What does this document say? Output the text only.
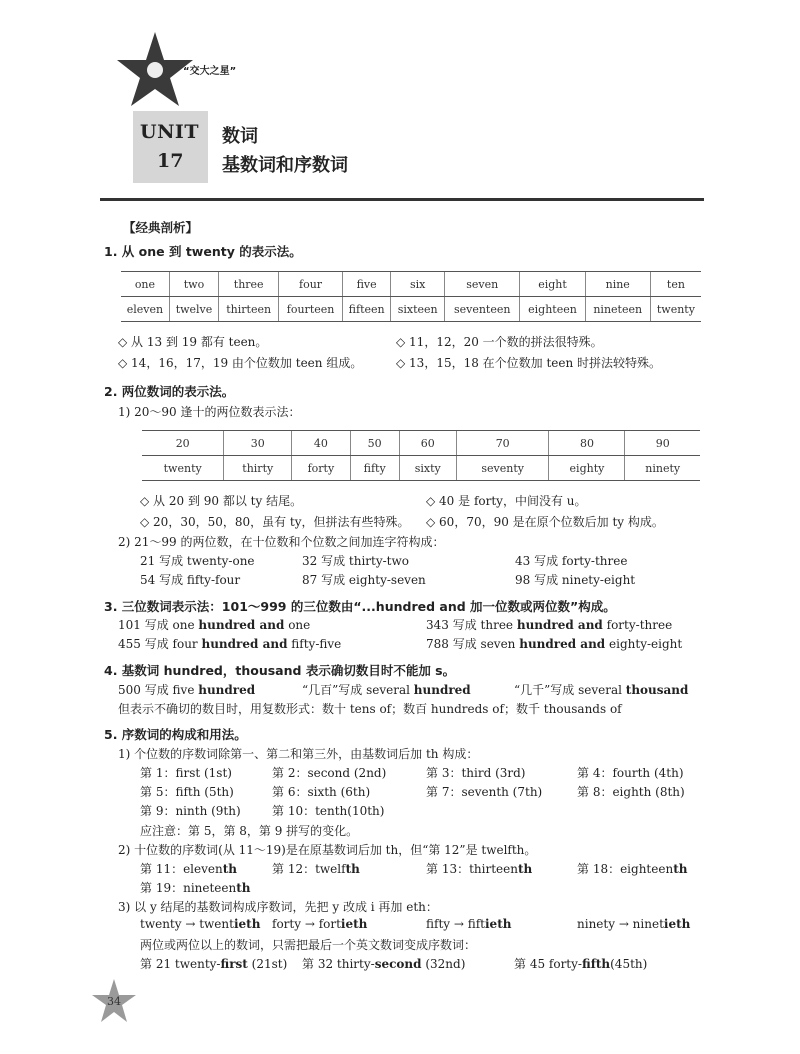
“交大之星”
UNIT
17
数词
基数词和序数词
【经典剖析】
1. 从 one 到 twenty 的表示法。
one	two	three	four	five	six	seven	eight	nine	ten
eleven	twelve	thirteen	fourteen	fifteen	sixteen	seventeen	eighteen	nineteen	twenty
◇ 从 13 到 19 都有 teen。	◇ 11，12，20 一个数的拼法很特殊。
◇ 14，16，17，19 由个位数加 teen 组成。	◇ 13，15，18 在个位数加 teen 时拼法较特殊。
2. 两位数词的表示法。
1) 20～90 逢十的两位数表示法：
20	30	40	50	60	70	80	90
twenty	thirty	forty	fifty	sixty	seventy	eighty	ninety
◇ 从 20 到 90 都以 ty 结尾。	◇ 40 是 forty，中间没有 u。
◇ 20，30，50，80，虽有 ty，但拼法有些特殊。 ◇ 60，70，90 是在原个位数后加 ty 构成。
2) 21～99 的两位数，在十位数和个位数之间加连字符构成：
21 写成 twenty-one	32 写成 thirty-two	43 写成 forty-three
54 写成 fifty-four	87 写成 eighty-seven	98 写成 ninety-eight
3. 三位数词表示法：101～999 的三位数由“...hundred and 加一位数或两位数”构成。
101 写成 one hundred and one	343 写成 three hundred and forty-three
455 写成 four hundred and fifty-five	788 写成 seven hundred and eighty-eight
4. 基数词 hundred，thousand 表示确切数目时不能加 s。
500 写成 five hundred	“几百”写成 several hundred	“几千”写成 several thousand
但表示不确切的数目时，用复数形式：数十 tens of；数百 hundreds of；数千 thousands of
5. 序数词的构成和用法。
1) 个位数的序数词除第一、第二和第三外，由基数词后加 th 构成：
第 1：first (1st)	第 2：second (2nd)	第 3：third (3rd)	第 4：fourth (4th)
第 5：fifth (5th)	第 6：sixth (6th)	第 7：seventh (7th)	第 8：eighth (8th)
第 9：ninth (9th)	第 10：tenth(10th)
应注意：第 5，第 8，第 9 拼写的变化。
2) 十位数的序数词(从 11～19)是在原基数词后加 th，但“第 12”是 twelfth。
第 11：eleventh	第 12：twelfth	第 13：thirteenth	第 18：eighteenth
第 19：nineteenth
3) 以 y 结尾的基数词构成序数词，先把 y 改成 i 再加 eth：
twenty → twentieth forty → fortieth	fifty → fiftieth	ninety → ninetieth
两位或两位以上的数词，只需把最后一个英文数词变成序数词：
第 21 twenty-first (21st) 第 32 thirty-second (32nd)	第 45 forty-fifth(45th)
34
